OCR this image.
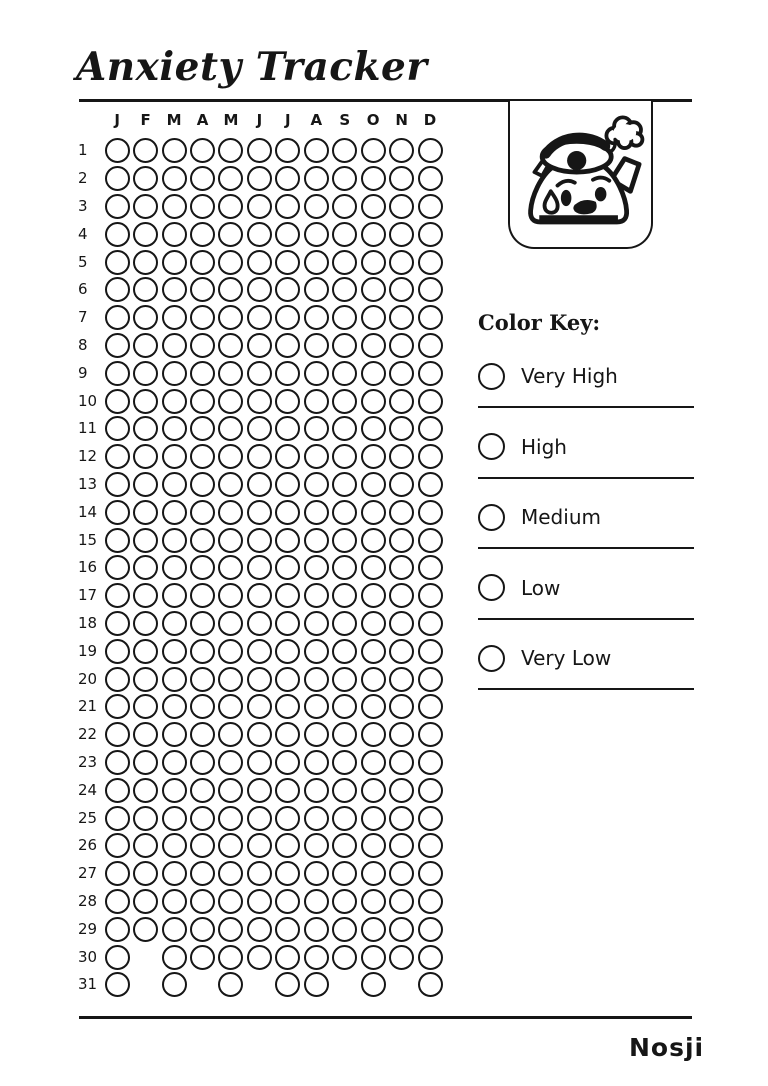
Anxiety Tracker
J	F	M	A	M	J	J	A	S	O	N	D
1
2
3
4
5
6
7
8
9
10
11
12
13
14
15
16
17
18
19
20
21
22
23
24
25
26
27
28
29
30
31
Color Key:
Very High
High
Medium
Low
Very Low
Nosji
